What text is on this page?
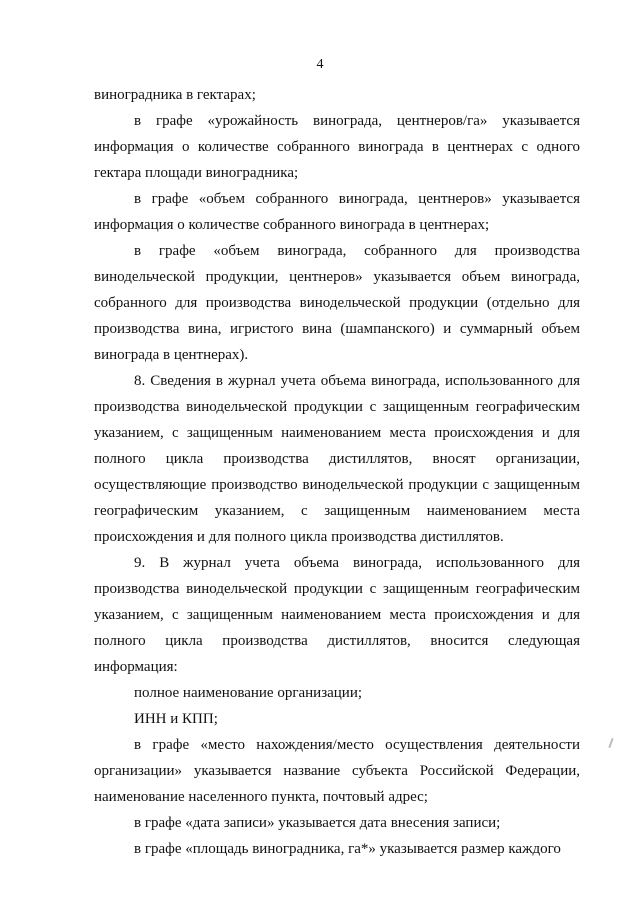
4

виноградника в гектарах;

в графе «урожайность винограда, центнеров/га» указывается информация о количестве собранного винограда в центнерах с одного гектара площади виноградника;

в графе «объем собранного винограда, центнеров» указывается информация о количестве собранного винограда в центнерах;

в графе «объем винограда, собранного для производства винодельческой продукции, центнеров» указывается объем винограда, собранного для производства винодельческой продукции (отдельно для производства вина, игристого вина (шампанского) и суммарный объем винограда в центнерах).

8. Сведения в журнал учета объема винограда, использованного для производства винодельческой продукции с защищенным географическим указанием, с защищенным наименованием места происхождения и для полного цикла производства дистиллятов, вносят организации, осуществляющие производство винодельческой продукции с защищенным географическим указанием, с защищенным наименованием места происхождения и для полного цикла производства дистиллятов.

9. В журнал учета объема винограда, использованного для производства винодельческой продукции с защищенным географическим указанием, с защищенным наименованием места происхождения и для полного цикла производства дистиллятов, вносится следующая информация:

полное наименование организации;

ИНН и КПП;

в графе «место нахождения/место осуществления деятельности организации» указывается название субъекта Российской Федерации, наименование населенного пункта, почтовый адрес;

в графе «дата записи» указывается дата внесения записи;

в графе «площадь виноградника, га*» указывается размер каждого
